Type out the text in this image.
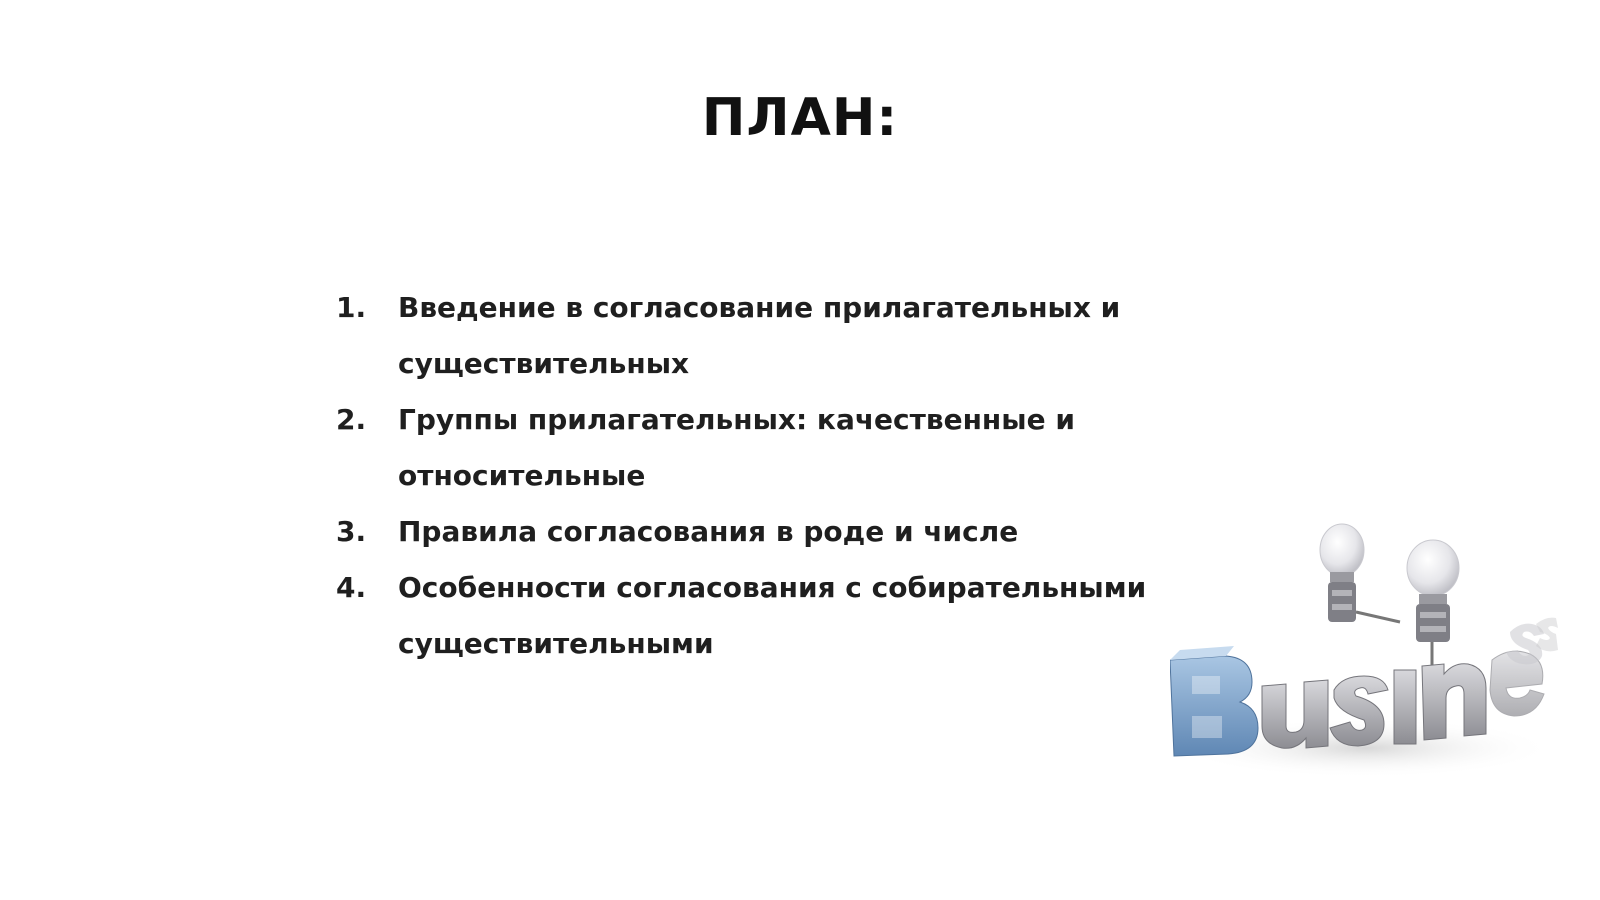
ПЛАН:
1.	Введение в согласование прилагательных и существительных
2.	Группы прилагательных: качественные и относительные
3.	Правила согласования в роде и числе
4.	Особенности согласования с собирательными существительными
